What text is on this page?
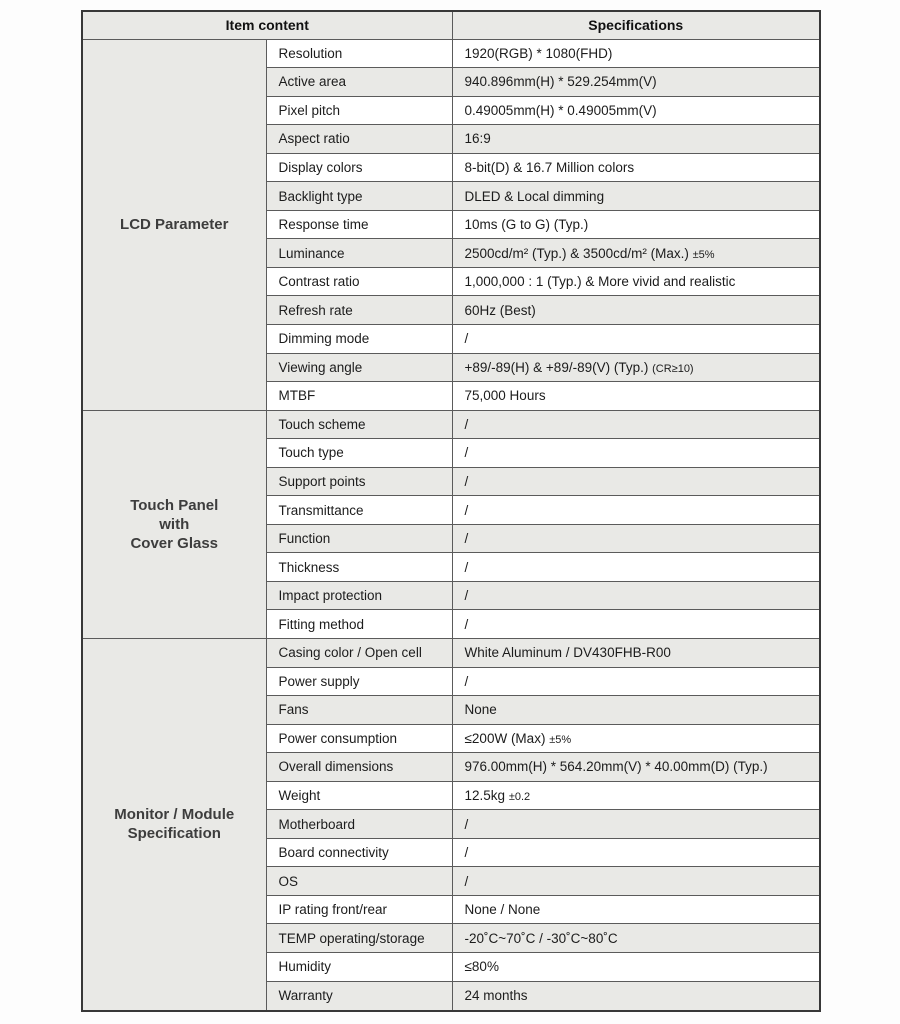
Item content		Specifications

LCD Parameter	Resolution	1920(RGB) * 1080(FHD)
	Active area	940.896mm(H) * 529.254mm(V)
	Pixel pitch	0.49005mm(H) * 0.49005mm(V)
	Aspect ratio	16:9
	Display colors	8-bit(D) & 16.7 Million colors
	Backlight type	DLED & Local dimming
	Response time	10ms (G to G) (Typ.)
	Luminance	2500cd/m² (Typ.) & 3500cd/m² (Max.) ±5%
	Contrast ratio	1,000,000 : 1 (Typ.) & More vivid and realistic
	Refresh rate	60Hz (Best)
	Dimming mode	/
	Viewing angle	+89/-89(H) & +89/-89(V) (Typ.) (CR≥10)
	MTBF	75,000 Hours

Touch Panel
with
Cover Glass	Touch scheme	/
	Touch type	/
	Support points	/
	Transmittance	/
	Function	/
	Thickness	/
	Impact protection	/
	Fitting method	/

Monitor / Module
Specification	Casing color / Open cell	White Aluminum / DV430FHB-R00
	Power supply	/
	Fans	None
	Power consumption	≤200W (Max) ±5%
	Overall dimensions	976.00mm(H) * 564.20mm(V) * 40.00mm(D) (Typ.)
	Weight	12.5kg ±0.2
	Motherboard	/
	Board connectivity	/
	OS	/
	IP rating front/rear	None / None
	TEMP operating/storage	-20˚C~70˚C / -30˚C~80˚C
	Humidity	≤80%
	Warranty	24 months
